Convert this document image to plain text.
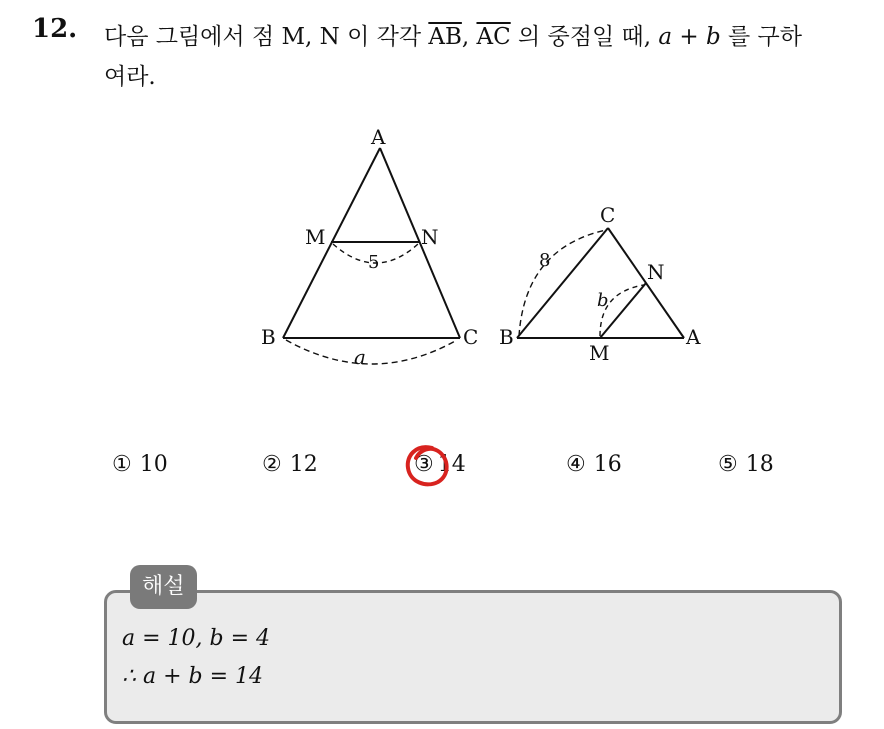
12. 다음 그림에서 점 M, N 이 각각 $\overline{AB}$, $\overline{AC}$ 의 중점일 때, a + b 를 구하
여라.
A
M	N
B	C
5
a
C
N
B
M
A
8
b
① 10	② 12	③ 14	④ 16	⑤ 18
해설
a = 10, b = 4
∴ a + b = 14
